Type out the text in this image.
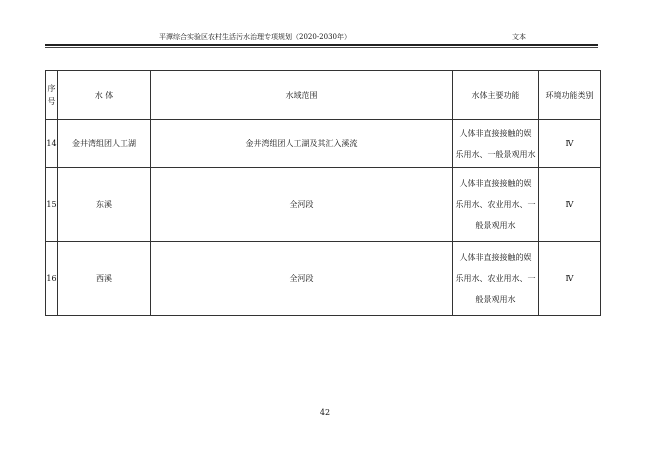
平潭综合实验区农村生活污水治理专项规划（2020-2030年）	文本
序
号	水 体	水域范围	水体主要功能	环境功能类别
14	金井湾组团人工湖	金井湾组团人工湖及其汇入溪流	人体非直接接触的娱
乐用水、一般景观用水	Ⅳ
15	东溪	全河段	人体非直接接触的娱
乐用水、农业用水、一
般景观用水	Ⅳ
16	西溪	全河段	人体非直接接触的娱
乐用水、农业用水、一
般景观用水	Ⅳ
42
